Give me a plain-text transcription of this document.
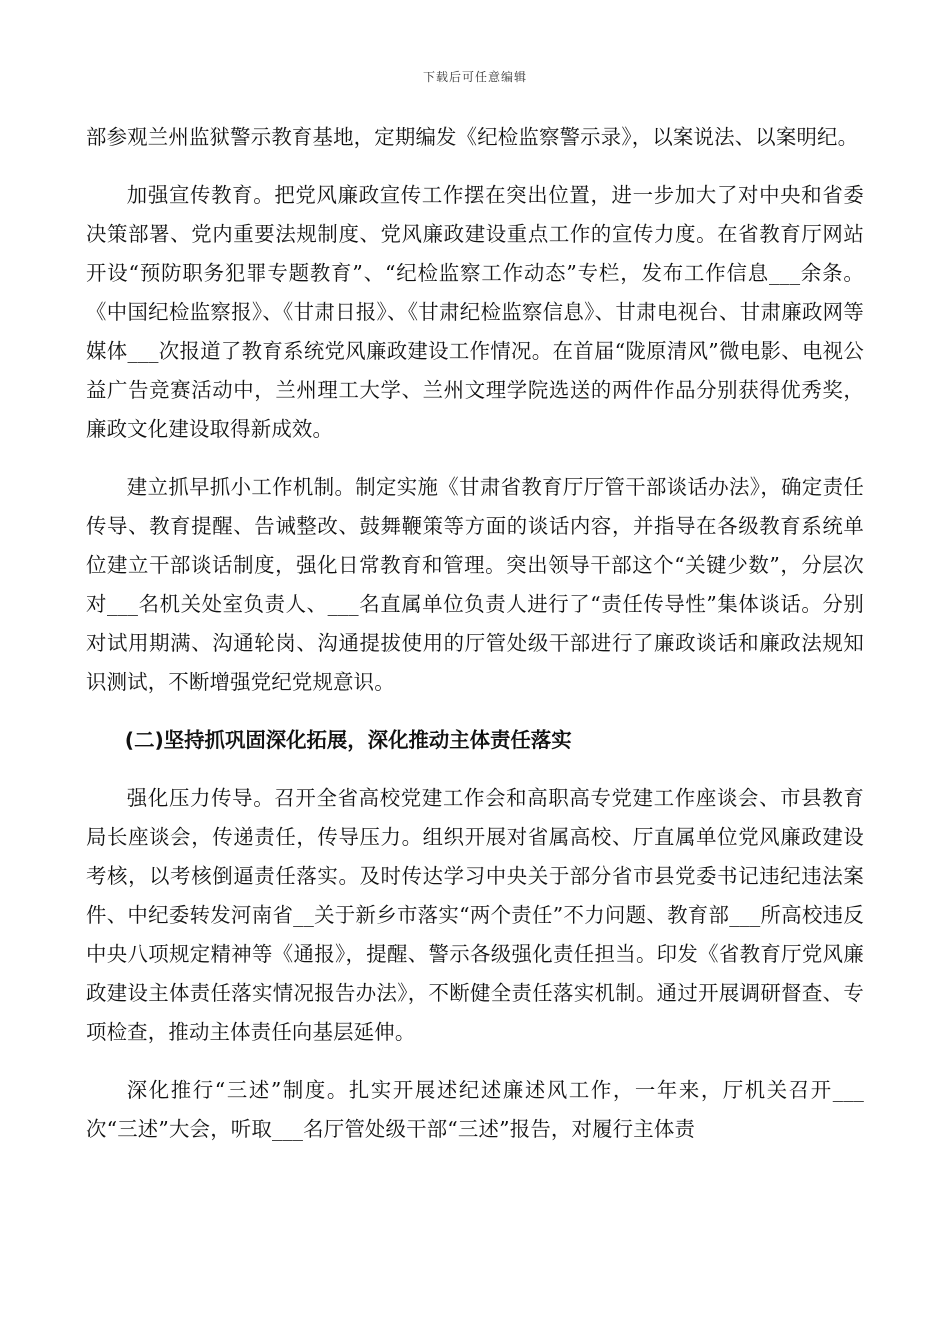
下载后可任意编辑

部参观兰州监狱警示教育基地，定期编发《纪检监察警示录》，以案说法、以案明纪。

加强宣传教育。把党风廉政宣传工作摆在突出位置，进一步加大了对中央和省委决策部署、党内重要法规制度、党风廉政建设重点工作的宣传力度。在省教育厅网站开设“预防职务犯罪专题教育”、“纪检监察工作动态”专栏，发布工作信息___余条。《中国纪检监察报》、《甘肃日报》、《甘肃纪检监察信息》、甘肃电视台、甘肃廉政网等媒体___次报道了教育系统党风廉政建设工作情况。在首届“陇原清风”微电影、电视公益广告竞赛活动中，兰州理工大学、兰州文理学院选送的两件作品分别获得优秀奖，廉政文化建设取得新成效。

建立抓早抓小工作机制。制定实施《甘肃省教育厅厅管干部谈话办法》，确定责任传导、教育提醒、告诫整改、鼓舞鞭策等方面的谈话内容，并指导在各级教育系统单位建立干部谈话制度，强化日常教育和管理。突出领导干部这个“关键少数”，分层次对___名机关处室负责人、___名直属单位负责人进行了“责任传导性”集体谈话。分别对试用期满、沟通轮岗、沟通提拔使用的厅管处级干部进行了廉政谈话和廉政法规知识测试，不断增强党纪党规意识。

(二)坚持抓巩固深化拓展，深化推动主体责任落实

强化压力传导。召开全省高校党建工作会和高职高专党建工作座谈会、市县教育局长座谈会，传递责任，传导压力。组织开展对省属高校、厅直属单位党风廉政建设考核，以考核倒逼责任落实。及时传达学习中央关于部分省市县党委书记违纪违法案件、中纪委转发河南省__关于新乡市落实“两个责任”不力问题、教育部___所高校违反中央八项规定精神等《通报》，提醒、警示各级强化责任担当。印发《省教育厅党风廉政建设主体责任落实情况报告办法》，不断健全责任落实机制。通过开展调研督查、专项检查，推动主体责任向基层延伸。

深化推行“三述”制度。扎实开展述纪述廉述风工作，一年来，厅机关召开___次“三述”大会，听取___名厅管处级干部“三述”报告，对履行主体责
